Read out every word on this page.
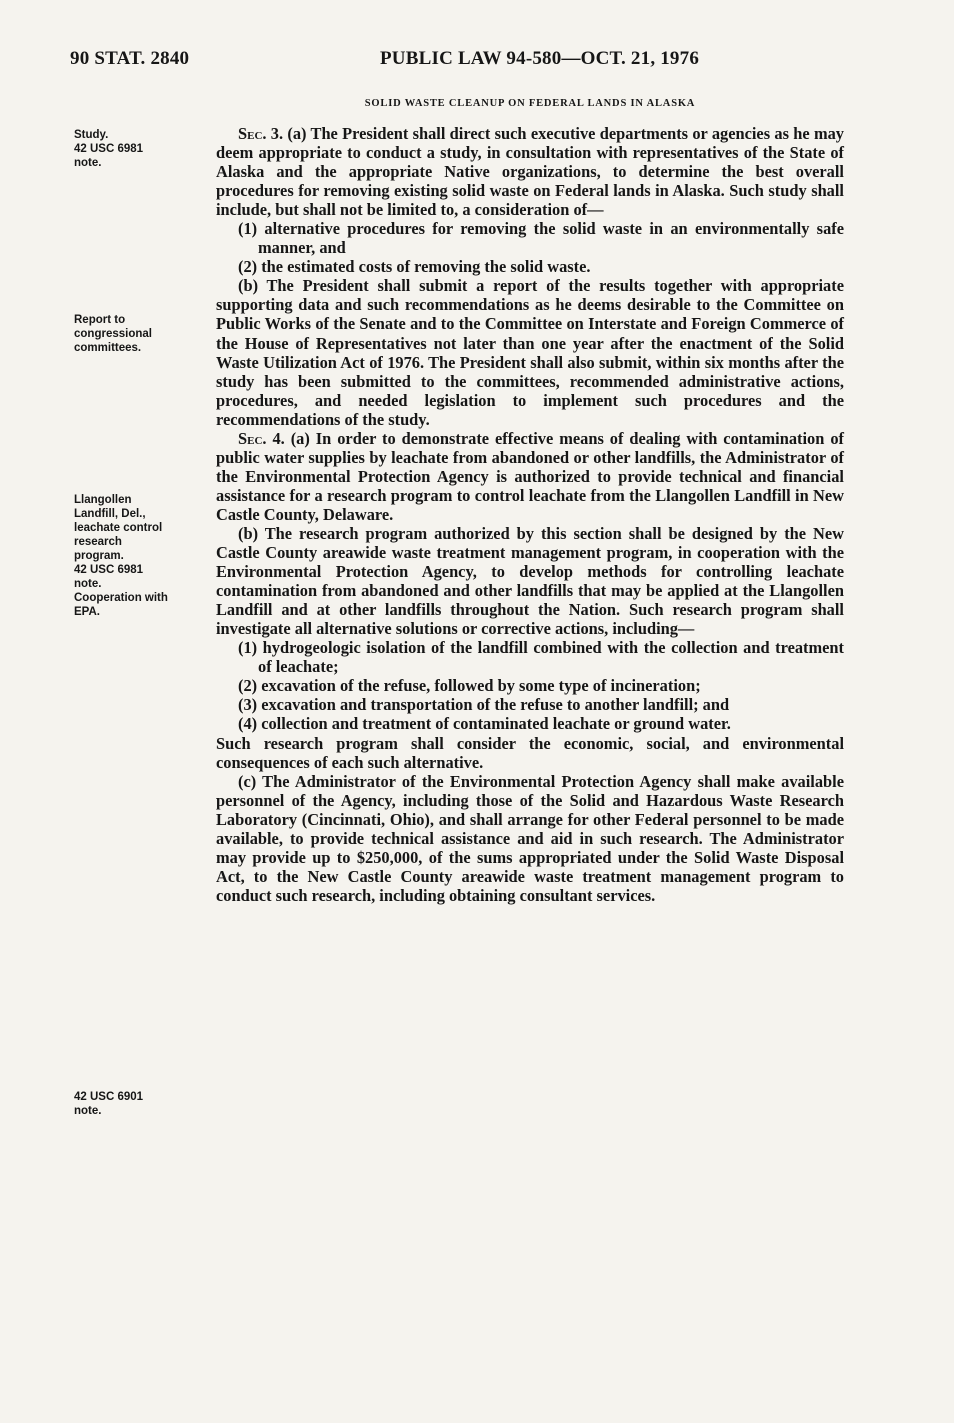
90 STAT. 2840	PUBLIC LAW 94-580—OCT. 21, 1976
SOLID WASTE CLEANUP ON FEDERAL LANDS IN ALASKA
Study.
42 USC 6981
note.
Report to
congressional
committees.
Llangollen
Landfill, Del.,
leachate control
research
program.
42 USC 6981
note.
Cooperation with
EPA.
42 USC 6901
note.

Sec. 3. (a) The President shall direct such executive departments or agencies as he may deem appropriate to conduct a study, in consultation with representatives of the State of Alaska and the appropriate Native organizations, to determine the best overall procedures for removing existing solid waste on Federal lands in Alaska. Such study shall include, but shall not be limited to, a consideration of—

(1) alternative procedures for removing the solid waste in an environmentally safe manner, and

(2) the estimated costs of removing the solid waste.

(b) The President shall submit a report of the results together with appropriate supporting data and such recommendations as he deems desirable to the Committee on Public Works of the Senate and to the Committee on Interstate and Foreign Commerce of the House of Representatives not later than one year after the enactment of the Solid Waste Utilization Act of 1976. The President shall also submit, within six months after the study has been submitted to the committees, recommended administrative actions, procedures, and needed legislation to implement such procedures and the recommendations of the study.

Sec. 4. (a) In order to demonstrate effective means of dealing with contamination of public water supplies by leachate from abandoned or other landfills, the Administrator of the Environmental Protection Agency is authorized to provide technical and financial assistance for a research program to control leachate from the Llangollen Landfill in New Castle County, Delaware.

(b) The research program authorized by this section shall be designed by the New Castle County areawide waste treatment management program, in cooperation with the Environmental Protection Agency, to develop methods for controlling leachate contamination from abandoned and other landfills that may be applied at the Llangollen Landfill and at other landfills throughout the Nation. Such research program shall investigate all alternative solutions or corrective actions, including—

(1) hydrogeologic isolation of the landfill combined with the collection and treatment of leachate;

(2) excavation of the refuse, followed by some type of incineration;

(3) excavation and transportation of the refuse to another landfill; and

(4) collection and treatment of contaminated leachate or ground water.

Such research program shall consider the economic, social, and environmental consequences of each such alternative.

(c) The Administrator of the Environmental Protection Agency shall make available personnel of the Agency, including those of the Solid and Hazardous Waste Research Laboratory (Cincinnati, Ohio), and shall arrange for other Federal personnel to be made available, to provide technical assistance and aid in such research. The Administrator may provide up to $250,000, of the sums appropriated under the Solid Waste Disposal Act, to the New Castle County areawide waste treatment management program to conduct such research, including obtaining consultant services.
